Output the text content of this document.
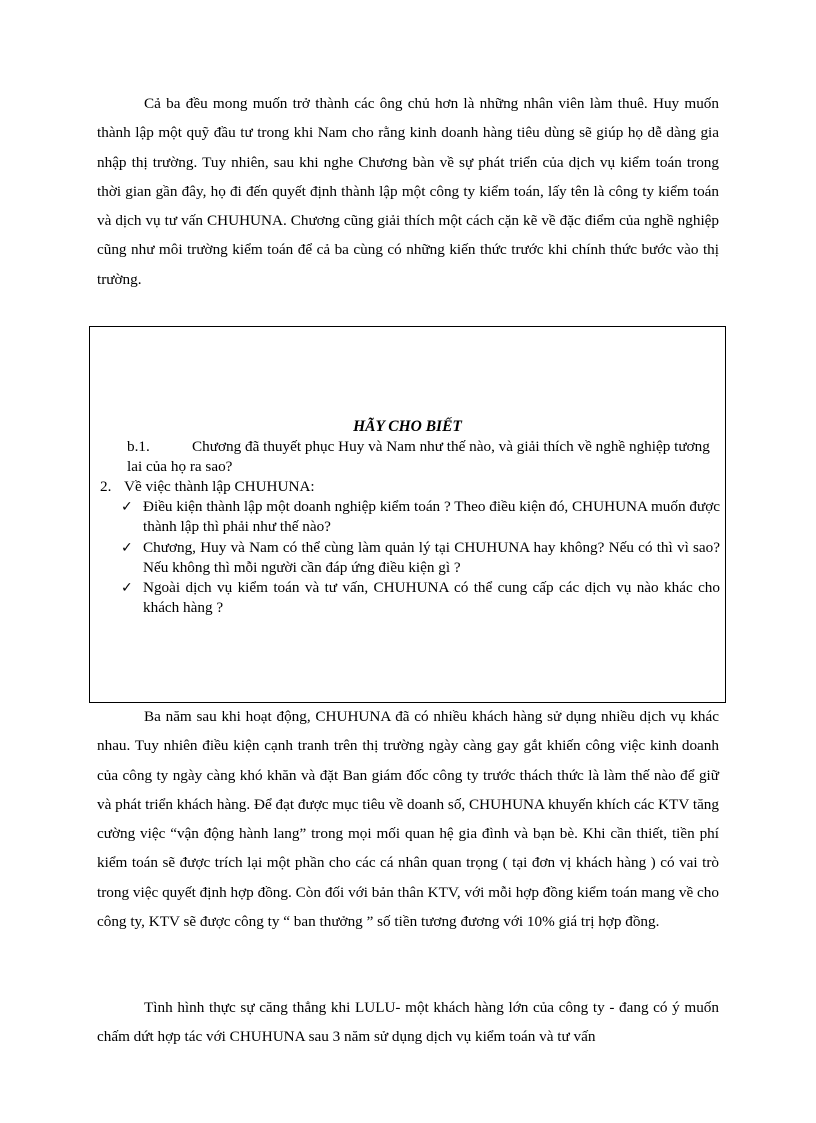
Cả ba đều mong muốn trở thành các ông chủ hơn là những nhân viên làm thuê. Huy muốn thành lập một quỹ đầu tư trong khi Nam cho rằng kinh doanh hàng tiêu dùng sẽ giúp họ dễ dàng gia nhập thị trường. Tuy nhiên, sau khi nghe Chương bàn về sự phát triển của dịch vụ kiểm toán trong thời gian gần đây, họ đi đến quyết định thành lập một công ty kiểm toán, lấy tên là công ty kiểm toán và dịch vụ tư vấn CHUHUNA. Chương cũng giải thích một cách cặn kẽ về đặc điểm của nghề nghiệp cũng như môi trường kiểm toán để cả ba cùng có những kiến thức trước khi chính thức bước vào thị trường.

HÃY CHO BIẾT

b.1.	Chương đã thuyết phục Huy và Nam như thế nào, và giải thích về nghề nghiệp tương lai của họ ra sao?

2. Về việc thành lập CHUHUNA:

✓ Điều kiện thành lập một doanh nghiệp kiểm toán ? Theo điều kiện đó, CHUHUNA muốn được thành lập thì phải như thế nào?

✓ Chương, Huy và Nam có thể cùng làm quản lý tại CHUHUNA hay không? Nếu có thì vì sao? Nếu không thì mỗi người cần đáp ứng điều kiện gì ?

✓ Ngoài dịch vụ kiểm toán và tư vấn, CHUHUNA có thể cung cấp các dịch vụ nào khác cho khách hàng ?

Ba năm sau khi hoạt động, CHUHUNA đã có nhiều khách hàng sử dụng nhiều dịch vụ khác nhau. Tuy nhiên điều kiện cạnh tranh trên thị trường ngày càng gay gắt khiến công việc kinh doanh của công ty ngày càng khó khăn và đặt Ban giám đốc công ty trước thách thức là làm thế nào để giữ và phát triển khách hàng. Để đạt được mục tiêu về doanh số, CHUHUNA khuyến khích các KTV tăng cường việc “vận động hành lang” trong mọi mối quan hệ gia đình và bạn bè. Khi cần thiết, tiền phí kiểm toán sẽ được trích lại một phần cho các cá nhân quan trọng ( tại đơn vị khách hàng ) có vai trò trong việc quyết định hợp đồng. Còn đối với bản thân KTV, với mỗi hợp đồng kiểm toán mang về cho công ty, KTV sẽ được công ty “ ban thưởng ” số tiền tương đương với 10% giá trị hợp đồng.

Tình hình thực sự căng thẳng khi LULU- một khách hàng lớn của công ty - đang có ý muốn chấm dứt hợp tác với CHUHUNA sau 3 năm sử dụng dịch vụ kiểm toán và tư vấn
